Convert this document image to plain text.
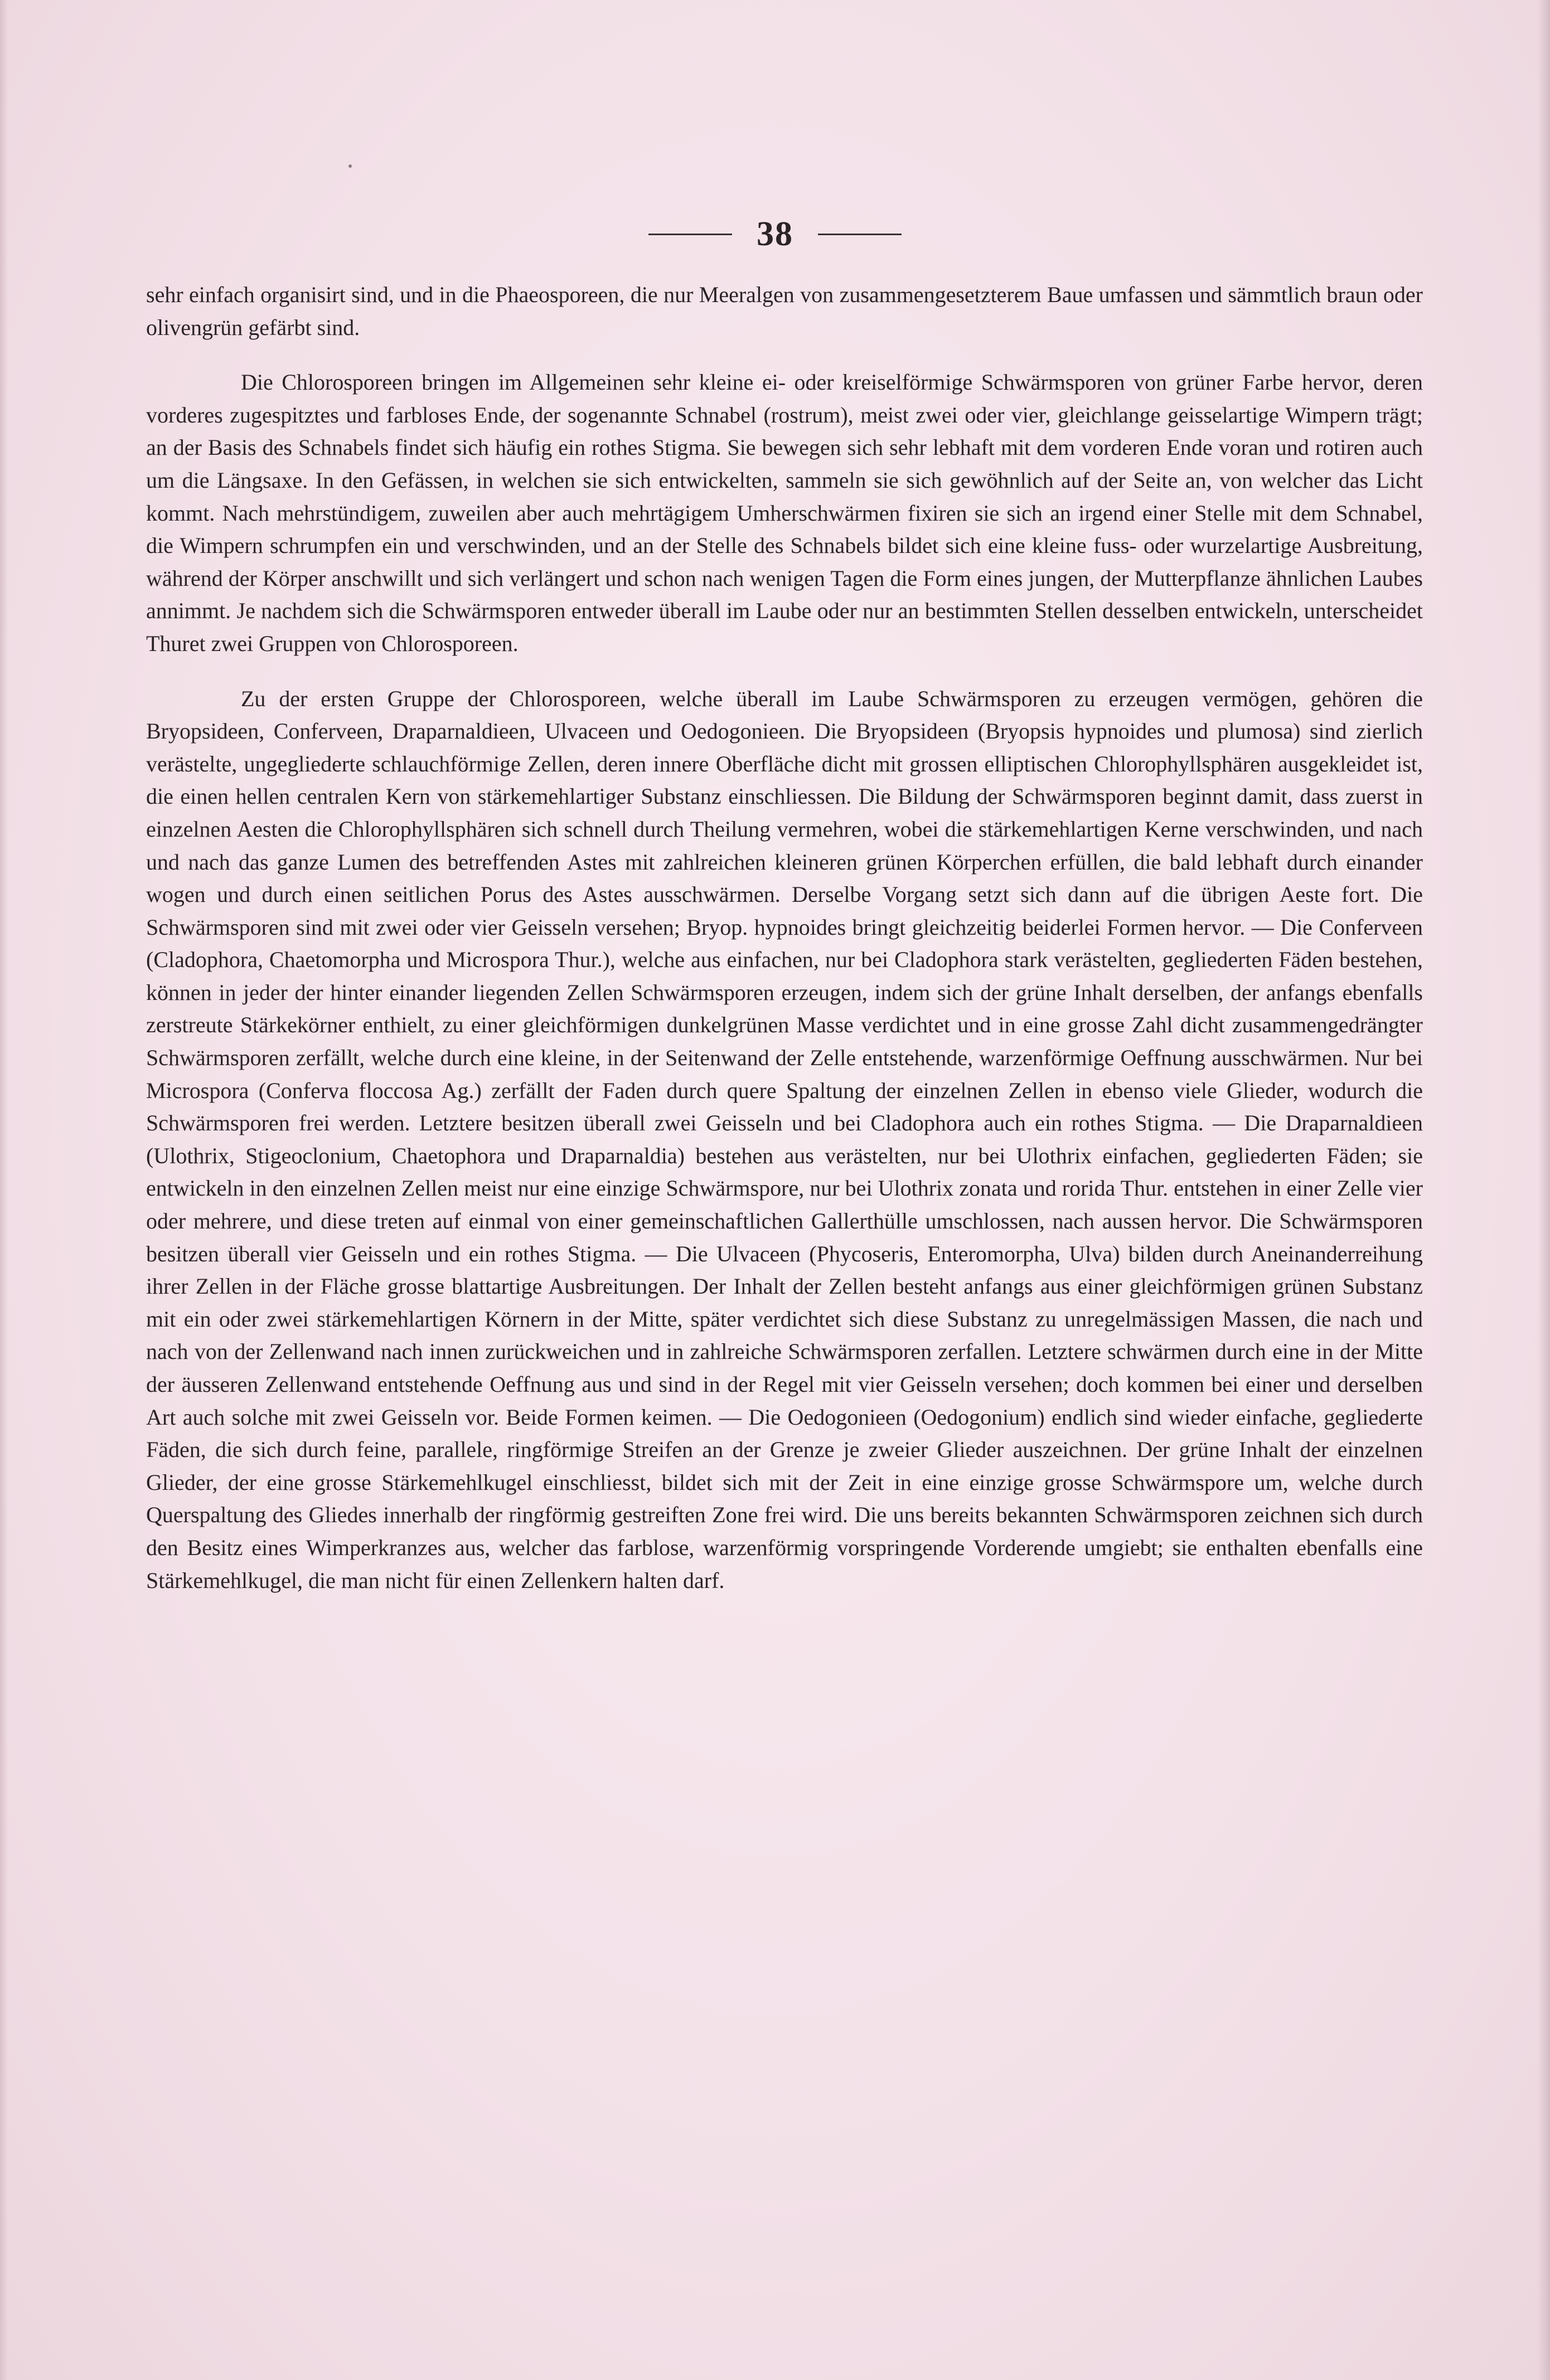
38

sehr einfach organisirt sind, und in die Phaeosporeen, die nur Meeralgen von zusammengesetzterem Baue umfassen und sämmtlich braun oder olivengrün gefärbt sind.

Die Chlorosporeen bringen im Allgemeinen sehr kleine ei- oder kreiselförmige Schwärmsporen von grüner Farbe hervor, deren vorderes zugespitztes und farbloses Ende, der sogenannte Schnabel (rostrum), meist zwei oder vier, gleichlange geisselartige Wimpern trägt; an der Basis des Schnabels findet sich häufig ein rothes Stigma. Sie bewegen sich sehr lebhaft mit dem vorderen Ende voran und rotiren auch um die Längsaxe. In den Gefässen, in welchen sie sich entwickelten, sammeln sie sich gewöhnlich auf der Seite an, von welcher das Licht kommt. Nach mehrstündigem, zuweilen aber auch mehrtägigem Umherschwärmen fixiren sie sich an irgend einer Stelle mit dem Schnabel, die Wimpern schrumpfen ein und verschwinden, und an der Stelle des Schnabels bildet sich eine kleine fuss- oder wurzelartige Ausbreitung, während der Körper anschwillt und sich verlängert und schon nach wenigen Tagen die Form eines jungen, der Mutterpflanze ähnlichen Laubes annimmt. Je nachdem sich die Schwärmsporen entweder überall im Laube oder nur an bestimmten Stellen desselben entwickeln, unterscheidet Thuret zwei Gruppen von Chlorosporeen.

Zu der ersten Gruppe der Chlorosporeen, welche überall im Laube Schwärmsporen zu erzeugen vermögen, gehören die Bryopsideen, Conferveen, Draparnaldieen, Ulvaceen und Oedogonieen. Die Bryopsideen (Bryopsis hypnoides und plumosa) sind zierlich verästelte, ungegliederte schlauchförmige Zellen, deren innere Oberfläche dicht mit grossen elliptischen Chlorophyllsphären ausgekleidet ist, die einen hellen centralen Kern von stärkemehlartiger Substanz einschliessen. Die Bildung der Schwärmsporen beginnt damit, dass zuerst in einzelnen Aesten die Chlorophyllsphären sich schnell durch Theilung vermehren, wobei die stärkemehlartigen Kerne verschwinden, und nach und nach das ganze Lumen des betreffenden Astes mit zahlreichen kleineren grünen Körperchen erfüllen, die bald lebhaft durch einander wogen und durch einen seitlichen Porus des Astes ausschwärmen. Derselbe Vorgang setzt sich dann auf die übrigen Aeste fort. Die Schwärmsporen sind mit zwei oder vier Geisseln versehen; Bryop. hypnoides bringt gleichzeitig beiderlei Formen hervor. — Die Conferveen (Cladophora, Chaetomorpha und Microspora Thur.), welche aus einfachen, nur bei Cladophora stark verästelten, gegliederten Fäden bestehen, können in jeder der hinter einander liegenden Zellen Schwärmsporen erzeugen, indem sich der grüne Inhalt derselben, der anfangs ebenfalls zerstreute Stärkekörner enthielt, zu einer gleichförmigen dunkelgrünen Masse verdichtet und in eine grosse Zahl dicht zusammengedrängter Schwärmsporen zerfällt, welche durch eine kleine, in der Seitenwand der Zelle entstehende, warzenförmige Oeffnung ausschwärmen. Nur bei Microspora (Conferva floccosa Ag.) zerfällt der Faden durch quere Spaltung der einzelnen Zellen in ebenso viele Glieder, wodurch die Schwärmsporen frei werden. Letztere besitzen überall zwei Geisseln und bei Cladophora auch ein rothes Stigma. — Die Draparnaldieen (Ulothrix, Stigeoclonium, Chaetophora und Draparnaldia) bestehen aus verästelten, nur bei Ulothrix einfachen, gegliederten Fäden; sie entwickeln in den einzelnen Zellen meist nur eine einzige Schwärmspore, nur bei Ulothrix zonata und rorida Thur. entstehen in einer Zelle vier oder mehrere, und diese treten auf einmal von einer gemeinschaftlichen Gallerthülle umschlossen, nach aussen hervor. Die Schwärmsporen besitzen überall vier Geisseln und ein rothes Stigma. — Die Ulvaceen (Phycoseris, Enteromorpha, Ulva) bilden durch Aneinanderreihung ihrer Zellen in der Fläche grosse blattartige Ausbreitungen. Der Inhalt der Zellen besteht anfangs aus einer gleichförmigen grünen Substanz mit ein oder zwei stärkemehlartigen Körnern in der Mitte, später verdichtet sich diese Substanz zu unregelmässigen Massen, die nach und nach von der Zellenwand nach innen zurückweichen und in zahlreiche Schwärmsporen zerfallen. Letztere schwärmen durch eine in der Mitte der äusseren Zellenwand entstehende Oeffnung aus und sind in der Regel mit vier Geisseln versehen; doch kommen bei einer und derselben Art auch solche mit zwei Geisseln vor. Beide Formen keimen. — Die Oedogonieen (Oedogonium) endlich sind wieder einfache, gegliederte Fäden, die sich durch feine, parallele, ringförmige Streifen an der Grenze je zweier Glieder auszeichnen. Der grüne Inhalt der einzelnen Glieder, der eine grosse Stärkemehlkugel einschliesst, bildet sich mit der Zeit in eine einzige grosse Schwärmspore um, welche durch Querspaltung des Gliedes innerhalb der ringförmig gestreiften Zone frei wird. Die uns bereits bekannten Schwärmsporen zeichnen sich durch den Besitz eines Wimperkranzes aus, welcher das farblose, warzenförmig vorspringende Vorderende umgiebt; sie enthalten ebenfalls eine Stärkemehlkugel, die man nicht für einen Zellenkern halten darf.
